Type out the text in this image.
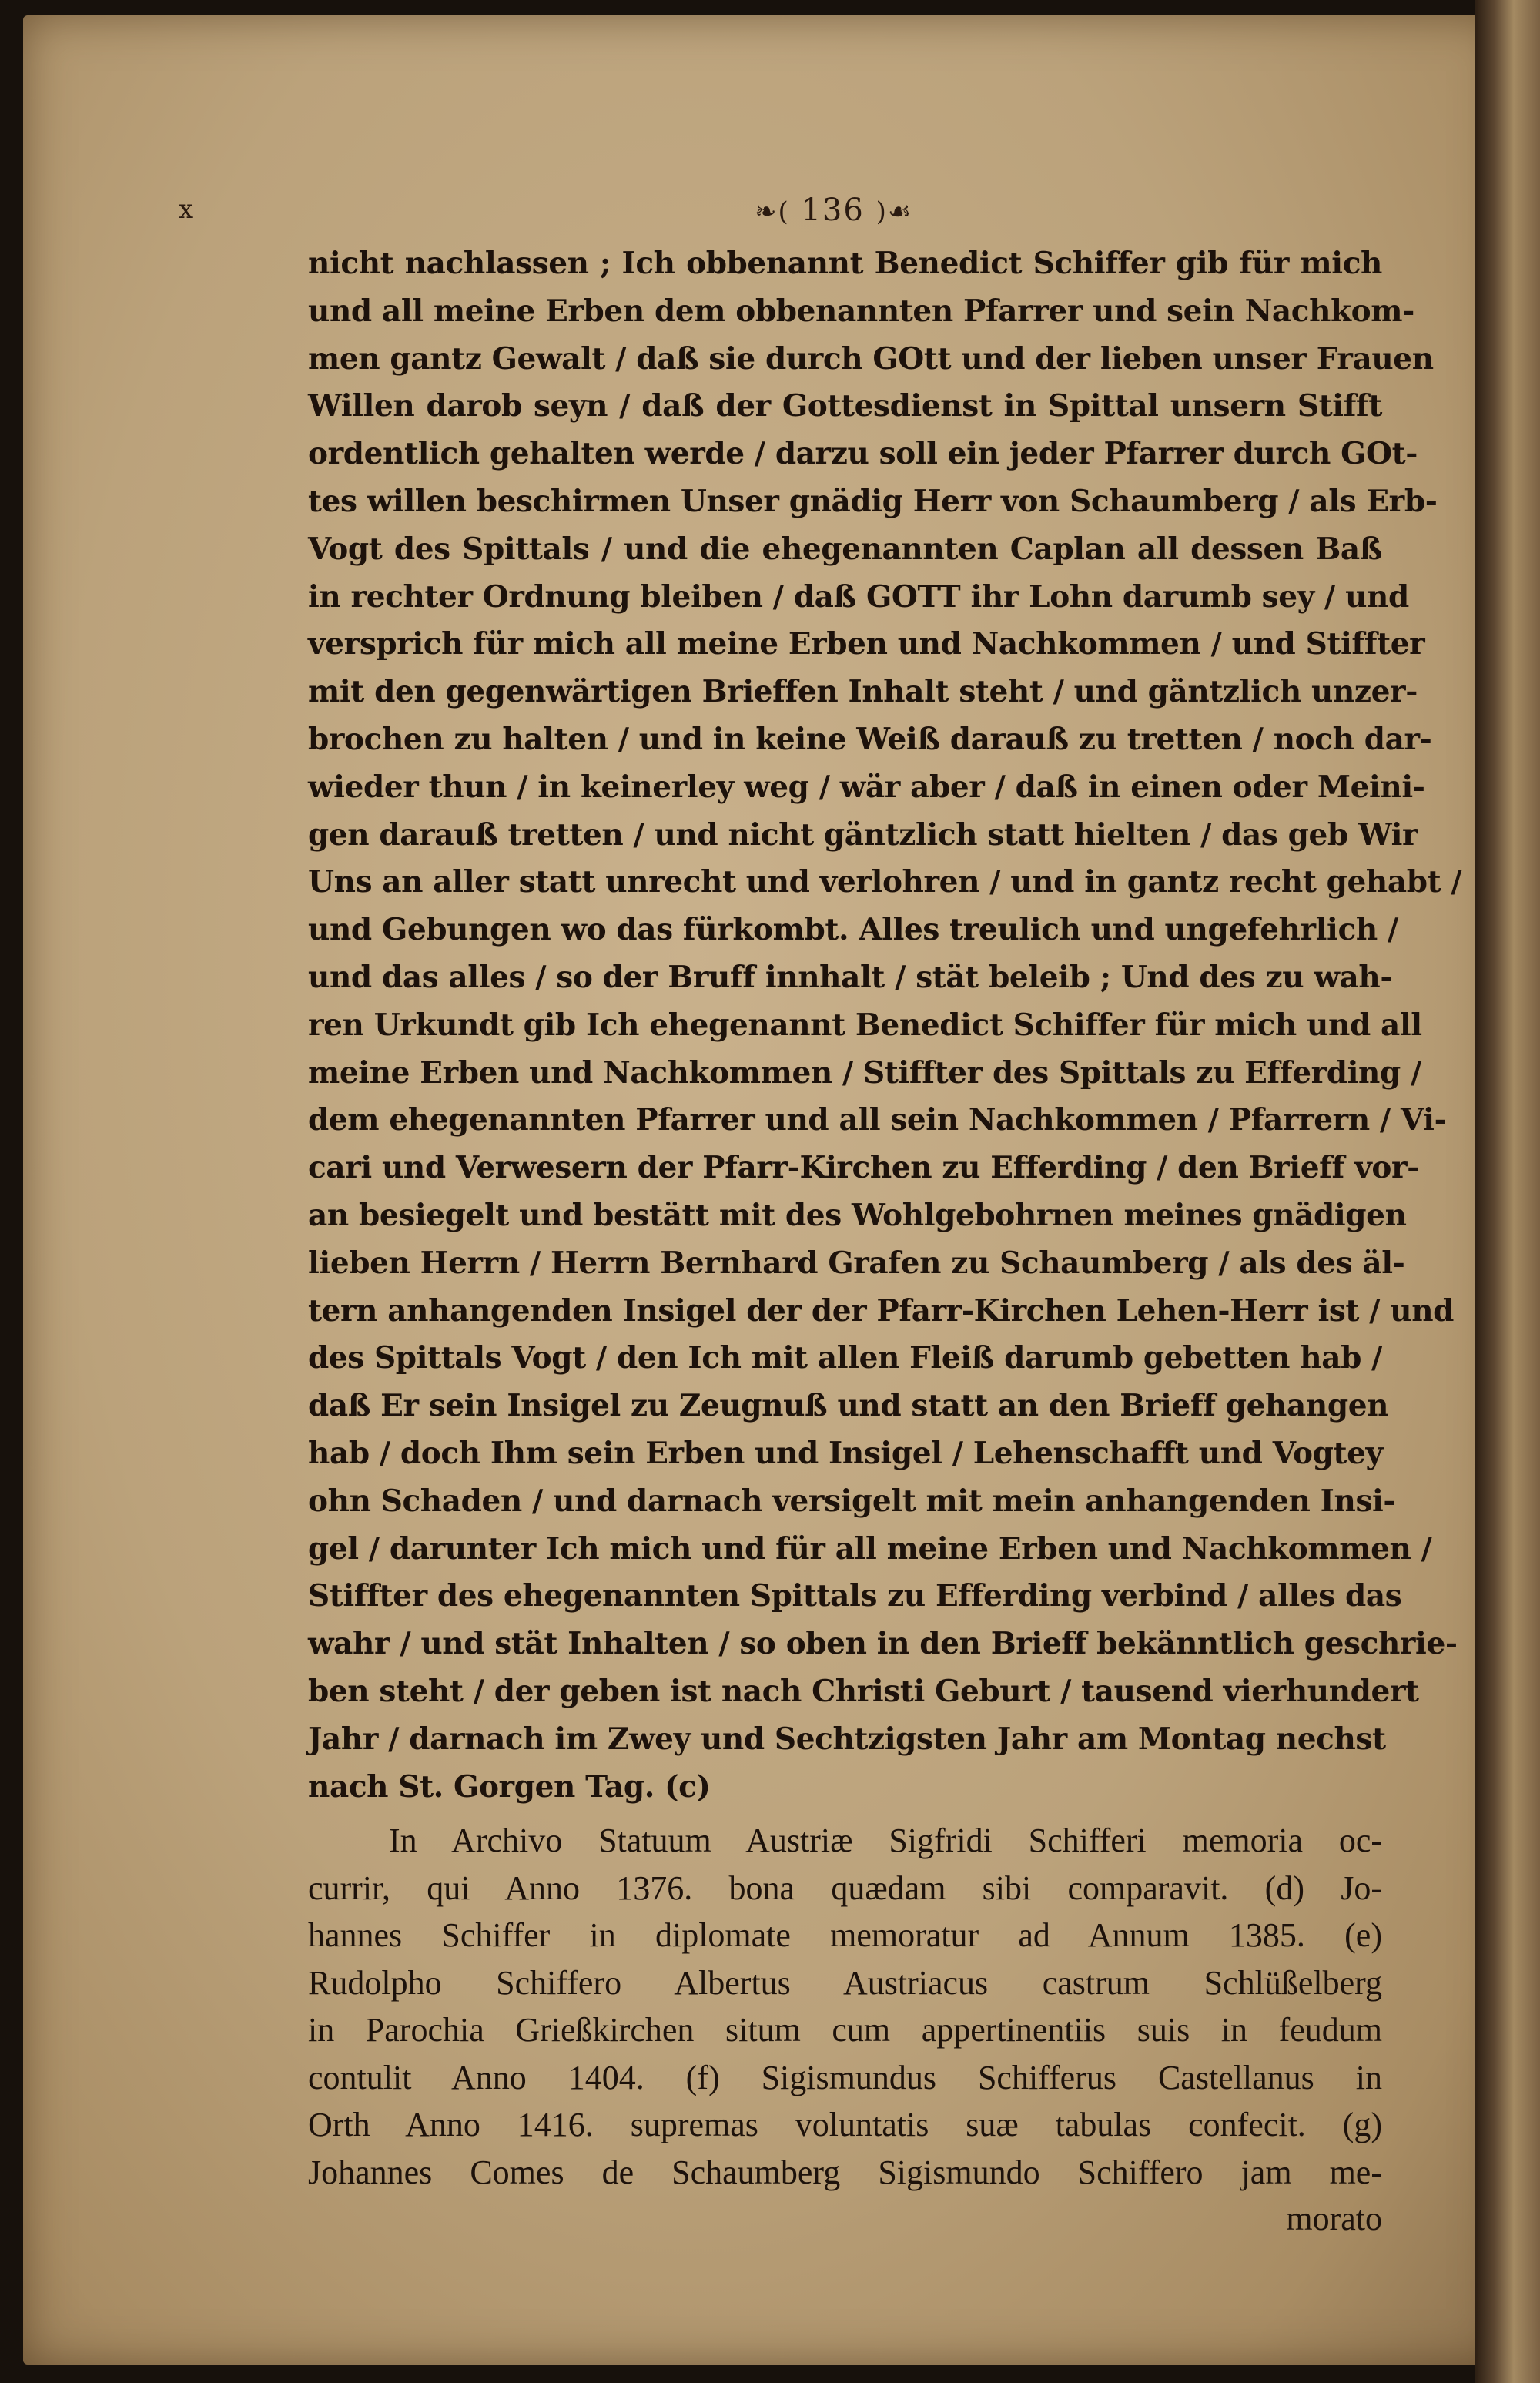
x	❧( 136 )☙
nicht nachlassen ; Ich obbenannt Benedict Schiffer gib für mich
und all meine Erben dem obbenannten Pfarrer und sein Nachkom-
men gantz Gewalt / daß sie durch GOtt und der lieben unser Frauen
Willen darob seyn / daß der Gottesdienst in Spittal unsern Stifft
ordentlich gehalten werde / darzu soll ein jeder Pfarrer durch GOt-
tes willen beschirmen Unser gnädig Herr von Schaumberg / als Erb-
Vogt des Spittals / und die ehegenannten Caplan all dessen Baß
in rechter Ordnung bleiben / daß GOTT ihr Lohn darumb sey / und
versprich für mich all meine Erben und Nachkommen / und Stiffter
mit den gegenwärtigen Brieffen Inhalt steht / und gäntzlich unzer-
brochen zu halten / und in keine Weiß darauß zu tretten / noch dar-
wieder thun / in keinerley weg / wär aber / daß in einen oder Meini-
gen darauß tretten / und nicht gäntzlich statt hielten / das geb Wir
Uns an aller statt unrecht und verlohren / und in gantz recht gehabt /
und Gebungen wo das fürkombt. Alles treulich und ungefehrlich /
und das alles / so der Bruff innhalt / stät beleib ; Und des zu wah-
ren Urkundt gib Ich ehegenannt Benedict Schiffer für mich und all
meine Erben und Nachkommen / Stiffter des Spittals zu Efferding /
dem ehegenannten Pfarrer und all sein Nachkommen / Pfarrern / Vi-
cari und Verwesern der Pfarr-Kirchen zu Efferding / den Brieff vor-
an besiegelt und bestätt mit des Wohlgebohrnen meines gnädigen
lieben Herrn / Herrn Bernhard Grafen zu Schaumberg / als des äl-
tern anhangenden Insigel der der Pfarr-Kirchen Lehen-Herr ist / und
des Spittals Vogt / den Ich mit allen Fleiß darumb gebetten hab /
daß Er sein Insigel zu Zeugnuß und statt an den Brieff gehangen
hab / doch Ihm sein Erben und Insigel / Lehenschafft und Vogtey
ohn Schaden / und darnach versigelt mit mein anhangenden Insi-
gel / darunter Ich mich und für all meine Erben und Nachkommen /
Stiffter des ehegenannten Spittals zu Efferding verbind / alles das
wahr / und stät Inhalten / so oben in den Brieff bekänntlich geschrie-
ben steht / der geben ist nach Christi Geburt / tausend vierhundert
Jahr / darnach im Zwey und Sechtzigsten Jahr am Montag nechst
nach St. Gorgen Tag. (c)
In Archivo Statuum Austriæ Sigfridi Schifferi memoria oc-
currir, qui Anno 1376. bona quædam sibi comparavit. (d) Jo-
hannes Schiffer in diplomate memoratur ad Annum 1385. (e)
Rudolpho Schiffero Albertus Austriacus castrum Schlüßelberg
in Parochia Grießkirchen situm cum appertinentiis suis in feudum
contulit Anno 1404. (f) Sigismundus Schifferus Castellanus in
Orth Anno 1416. supremas voluntatis suæ tabulas confecit. (g)
Johannes Comes de Schaumberg Sigismundo Schiffero jam me-
morato
